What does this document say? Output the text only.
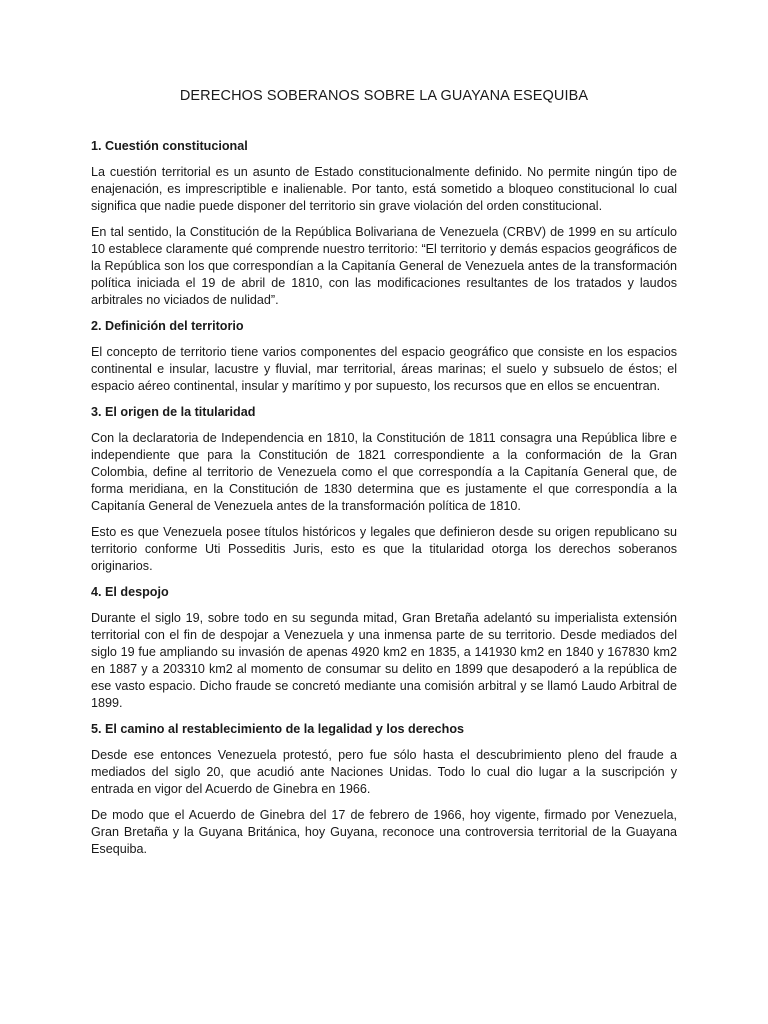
DERECHOS SOBERANOS SOBRE LA GUAYANA ESEQUIBA

1. Cuestión constitucional

La cuestión territorial es un asunto de Estado constitucionalmente definido. No permite ningún tipo de enajenación, es imprescriptible e inalienable. Por tanto, está sometido a bloqueo constitucional lo cual significa que nadie puede disponer del territorio sin grave violación del orden constitucional.

En tal sentido, la Constitución de la República Bolivariana de Venezuela (CRBV) de 1999 en su artículo 10 establece claramente qué comprende nuestro territorio: “El territorio y demás espacios geográficos de la República son los que correspondían a la Capitanía General de Venezuela antes de la transformación política iniciada el 19 de abril de 1810, con las modificaciones resultantes de los tratados y laudos arbitrales no viciados de nulidad”.

2. Definición del territorio

El concepto de territorio tiene varios componentes del espacio geográfico que consiste en los espacios continental e insular, lacustre y fluvial, mar territorial, áreas marinas; el suelo y subsuelo de éstos; el espacio aéreo continental, insular y marítimo y por supuesto, los recursos que en ellos se encuentran.

3. El origen de la titularidad

Con la declaratoria de Independencia en 1810, la Constitución de 1811 consagra una República libre e independiente que para la Constitución de 1821 correspondiente a la conformación de la Gran Colombia, define al territorio de Venezuela como el que correspondía a la Capitanía General que, de forma meridiana, en la Constitución de 1830 determina que es justamente el que correspondía a la Capitanía General de Venezuela antes de la transformación política de 1810.

Esto es que Venezuela posee títulos históricos y legales que definieron desde su origen republicano su territorio conforme Uti Posseditis Juris, esto es que la titularidad otorga los derechos soberanos originarios.

4. El despojo

Durante el siglo 19, sobre todo en su segunda mitad, Gran Bretaña adelantó su imperialista extensión territorial con el fin de despojar a Venezuela y una inmensa parte de su territorio. Desde mediados del siglo 19 fue ampliando su invasión de apenas 4920 km2 en 1835, a 141930 km2 en 1840 y 167830 km2 en 1887 y a 203310 km2 al momento de consumar su delito en 1899 que desapoderó a la república de ese vasto espacio. Dicho fraude se concretó mediante una comisión arbitral y se llamó Laudo Arbitral de 1899.

5. El camino al restablecimiento de la legalidad y los derechos

Desde ese entonces Venezuela protestó, pero fue sólo hasta el descubrimiento pleno del fraude a mediados del siglo 20, que acudió ante Naciones Unidas. Todo lo cual dio lugar a la suscripción y entrada en vigor del Acuerdo de Ginebra en 1966.

De modo que el Acuerdo de Ginebra del 17 de febrero de 1966, hoy vigente, firmado por Venezuela, Gran Bretaña y la Guyana Británica, hoy Guyana, reconoce una controversia territorial de la Guayana Esequiba.
